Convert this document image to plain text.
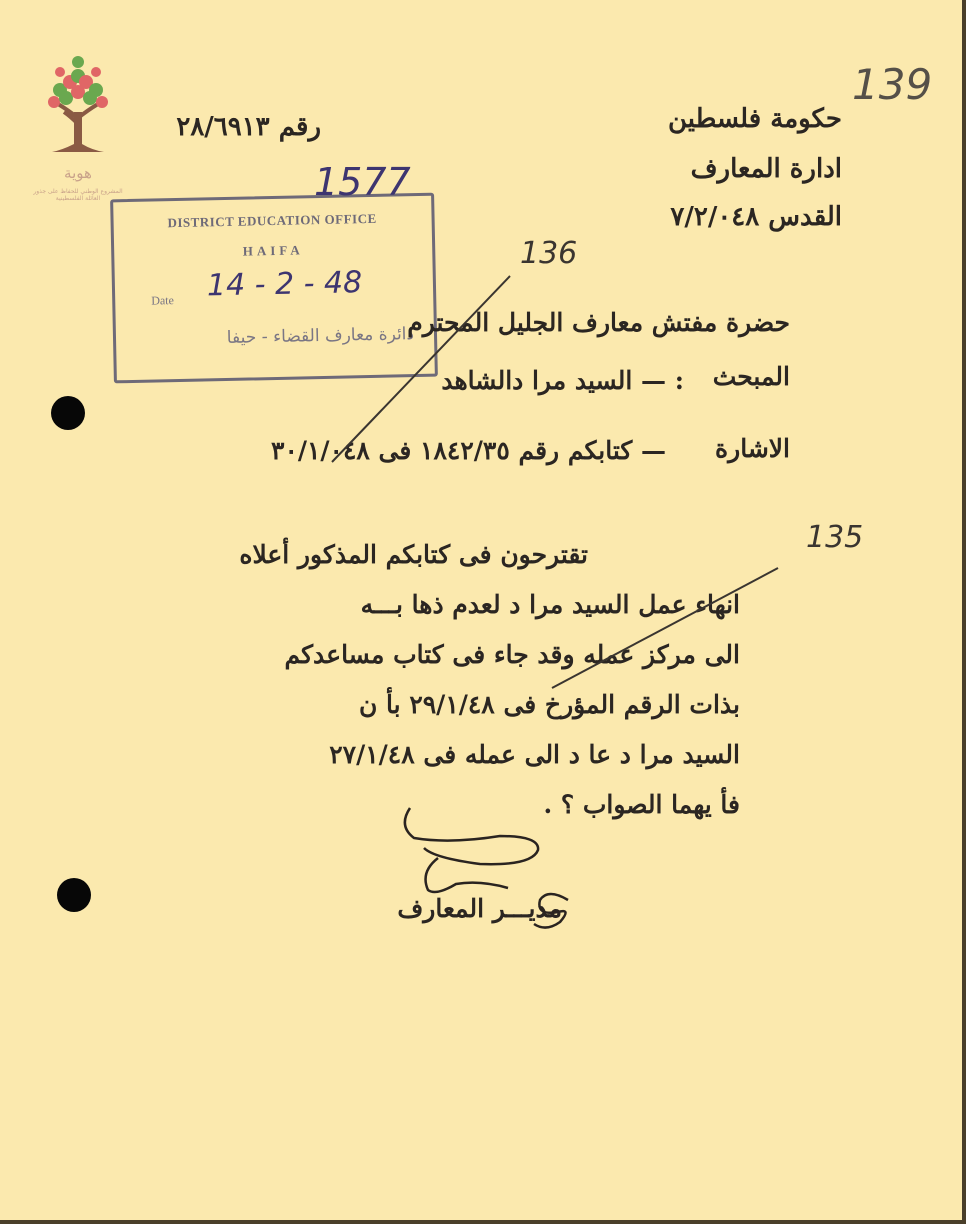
هوية
المشروع الوطني للحفاظ على جذور العائلة الفلسطينية
139
رقم ٢٨/٦٩١٣	حكومة فلسطين
ادارة المعارف
القدس ٧/٢/٠٤٨
DISTRICT EDUCATION OFFICE
HAIFA
Date 14 - 2 - 48
دائرة معارف القضاء - حيفا
1577
136
135
حضرة مفتش معارف الجليل المحترم
المبحث
: — السيد مرا دالشاهد
الاشارة
— كتابكم رقم ١٨٤٢/٣٥ فى ٣٠/١/٠٤٨
تقترحون فى كتابكم المذكور أعلاه
انهاء عمل السيد مرا د لعدم ذها بـــه
الى مركز عمله وقد جاء فى كتاب مساعدكم
بذات الرقم المؤرخ فى ٢٩/١/٤٨ بأ ن
السيد مرا د عا د الى عمله فى ٢٧/١/٤٨
فأ يهما الصواب ؟ .
مديـــر المعارف
